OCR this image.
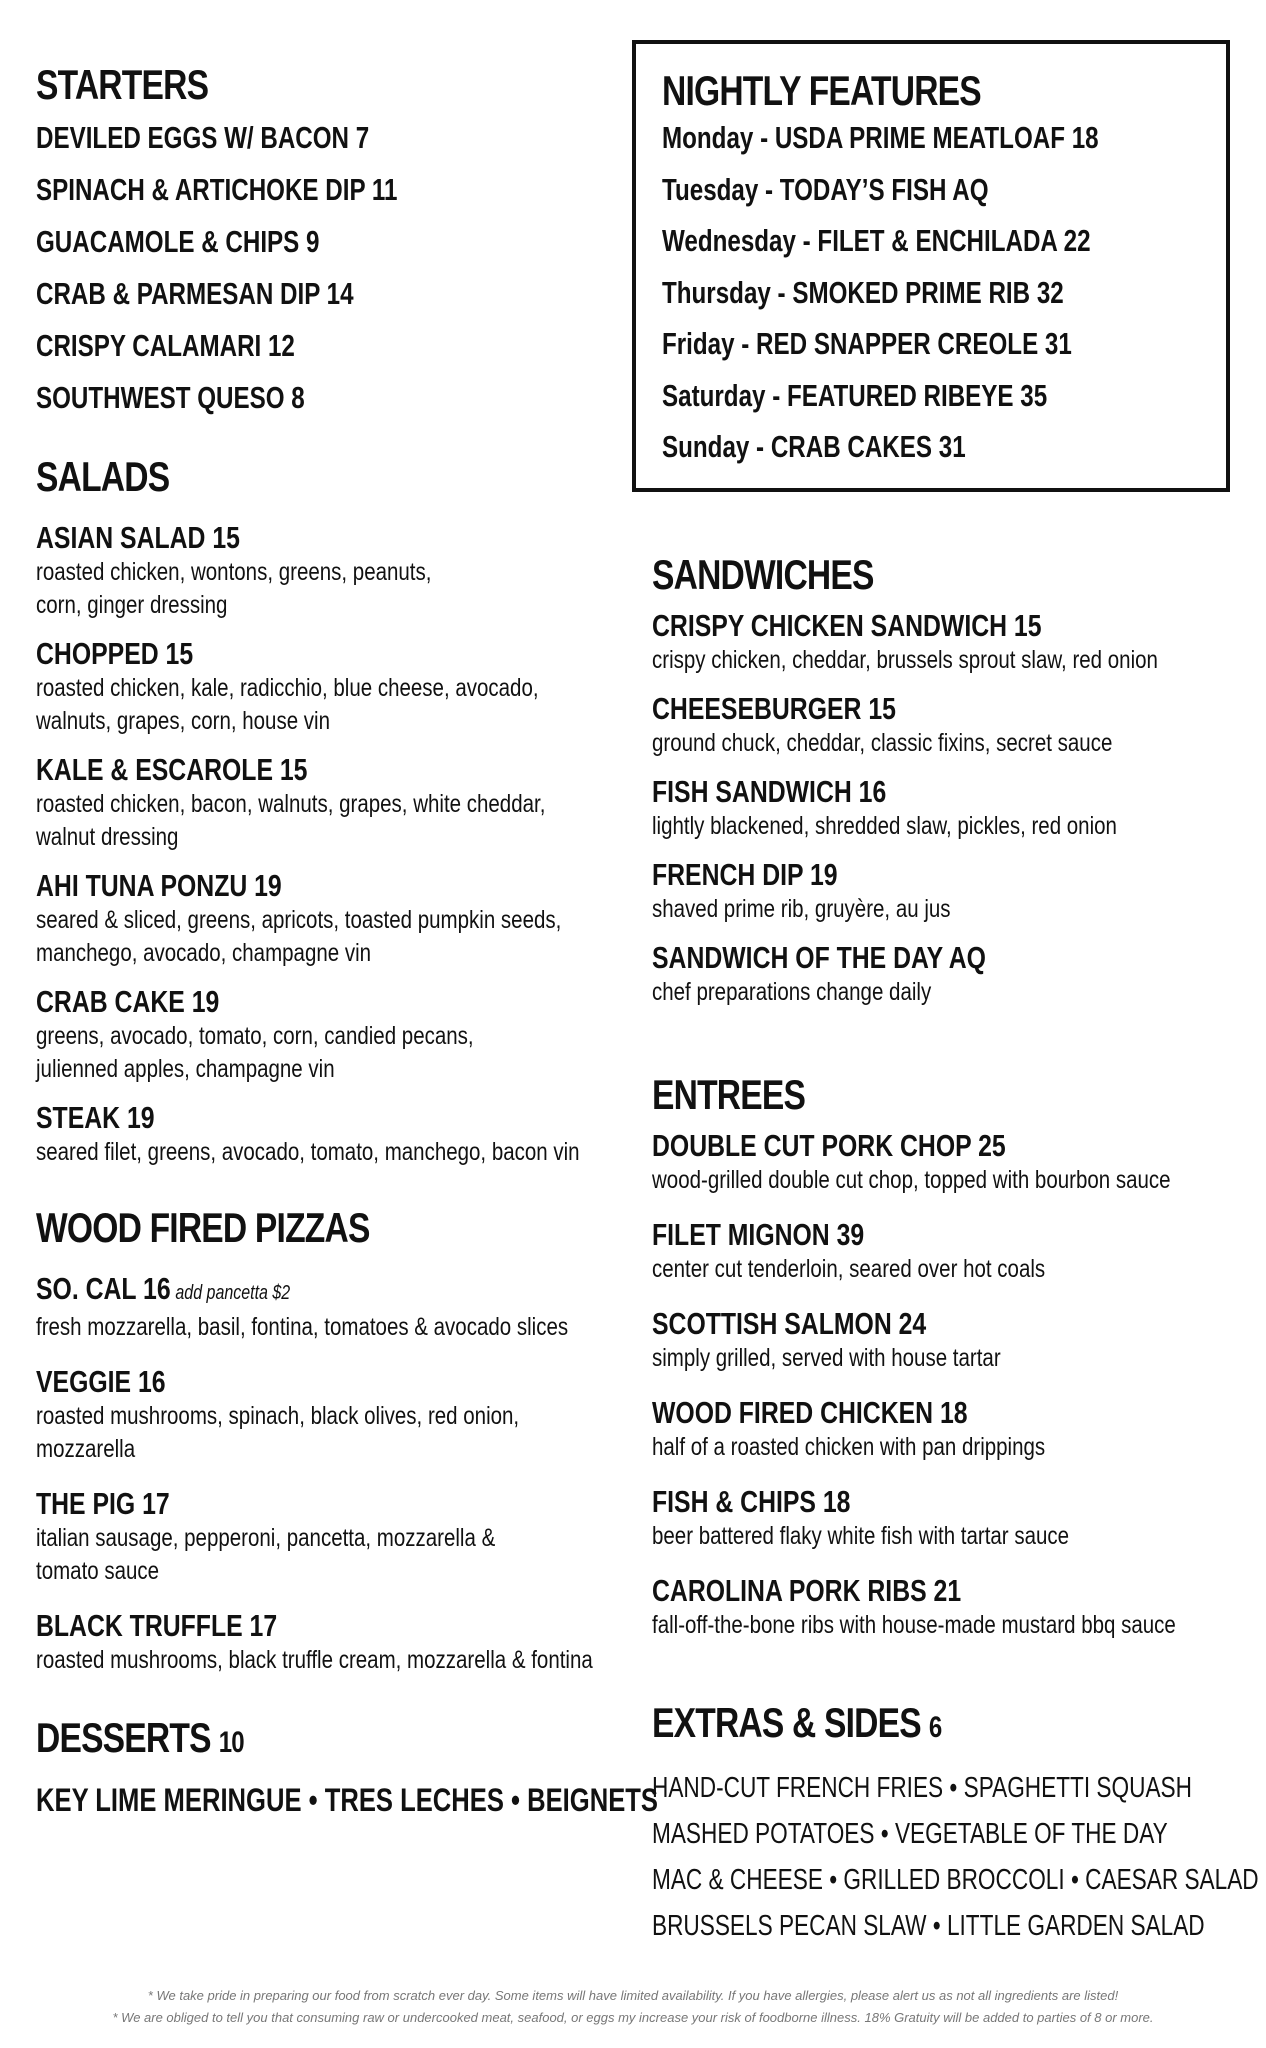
STARTERS
DEVILED EGGS W/ BACON 7
SPINACH & ARTICHOKE DIP 11
GUACAMOLE & CHIPS 9
CRAB & PARMESAN DIP 14
CRISPY CALAMARI 12
SOUTHWEST QUESO 8
SALADS
ASIAN SALAD 15
roasted chicken, wontons, greens, peanuts,
corn, ginger dressing
CHOPPED 15
roasted chicken, kale, radicchio, blue cheese, avocado,
walnuts, grapes, corn, house vin
KALE & ESCAROLE 15
roasted chicken, bacon, walnuts, grapes, white cheddar,
walnut dressing
AHI TUNA PONZU 19
seared & sliced, greens, apricots, toasted pumpkin seeds,
manchego, avocado, champagne vin
CRAB CAKE 19
greens, avocado, tomato, corn, candied pecans,
julienned apples, champagne vin
STEAK 19
seared filet, greens, avocado, tomato, manchego, bacon vin
WOOD FIRED PIZZAS
SO. CAL 16 add pancetta $2
fresh mozzarella, basil, fontina, tomatoes & avocado slices
VEGGIE 16
roasted mushrooms, spinach, black olives, red onion,
mozzarella
THE PIG 17
italian sausage, pepperoni, pancetta, mozzarella &
tomato sauce
BLACK TRUFFLE 17
roasted mushrooms, black truffle cream, mozzarella & fontina
DESSERTS 10
KEY LIME MERINGUE • TRES LECHES • BEIGNETS
NIGHTLY FEATURES
Monday - USDA PRIME MEATLOAF 18
Tuesday - TODAY’S FISH AQ
Wednesday - FILET & ENCHILADA 22
Thursday - SMOKED PRIME RIB 32
Friday - RED SNAPPER CREOLE 31
Saturday - FEATURED RIBEYE 35
Sunday - CRAB CAKES 31
SANDWICHES
CRISPY CHICKEN SANDWICH 15
crispy chicken, cheddar, brussels sprout slaw, red onion
CHEESEBURGER 15
ground chuck, cheddar, classic fixins, secret sauce
FISH SANDWICH 16
lightly blackened, shredded slaw, pickles, red onion
FRENCH DIP 19
shaved prime rib, gruyère, au jus
SANDWICH OF THE DAY AQ
chef preparations change daily
ENTREES
DOUBLE CUT PORK CHOP 25
wood-grilled double cut chop, topped with bourbon sauce
FILET MIGNON 39
center cut tenderloin, seared over hot coals
SCOTTISH SALMON 24
simply grilled, served with house tartar
WOOD FIRED CHICKEN 18
half of a roasted chicken with pan drippings
FISH & CHIPS 18
beer battered flaky white fish with tartar sauce
CAROLINA PORK RIBS 21
fall-off-the-bone ribs with house-made mustard bbq sauce
EXTRAS & SIDES 6
HAND-CUT FRENCH FRIES • SPAGHETTI SQUASH
MASHED POTATOES • VEGETABLE OF THE DAY
MAC & CHEESE • GRILLED BROCCOLI • CAESAR SALAD
BRUSSELS PECAN SLAW • LITTLE GARDEN SALAD
* We take pride in preparing our food from scratch ever day. Some items will have limited availability. If you have allergies, please alert us as not all ingredients are listed!
* We are obliged to tell you that consuming raw or undercooked meat, seafood, or eggs my increase your risk of foodborne illness. 18% Gratuity will be added to parties of 8 or more.
